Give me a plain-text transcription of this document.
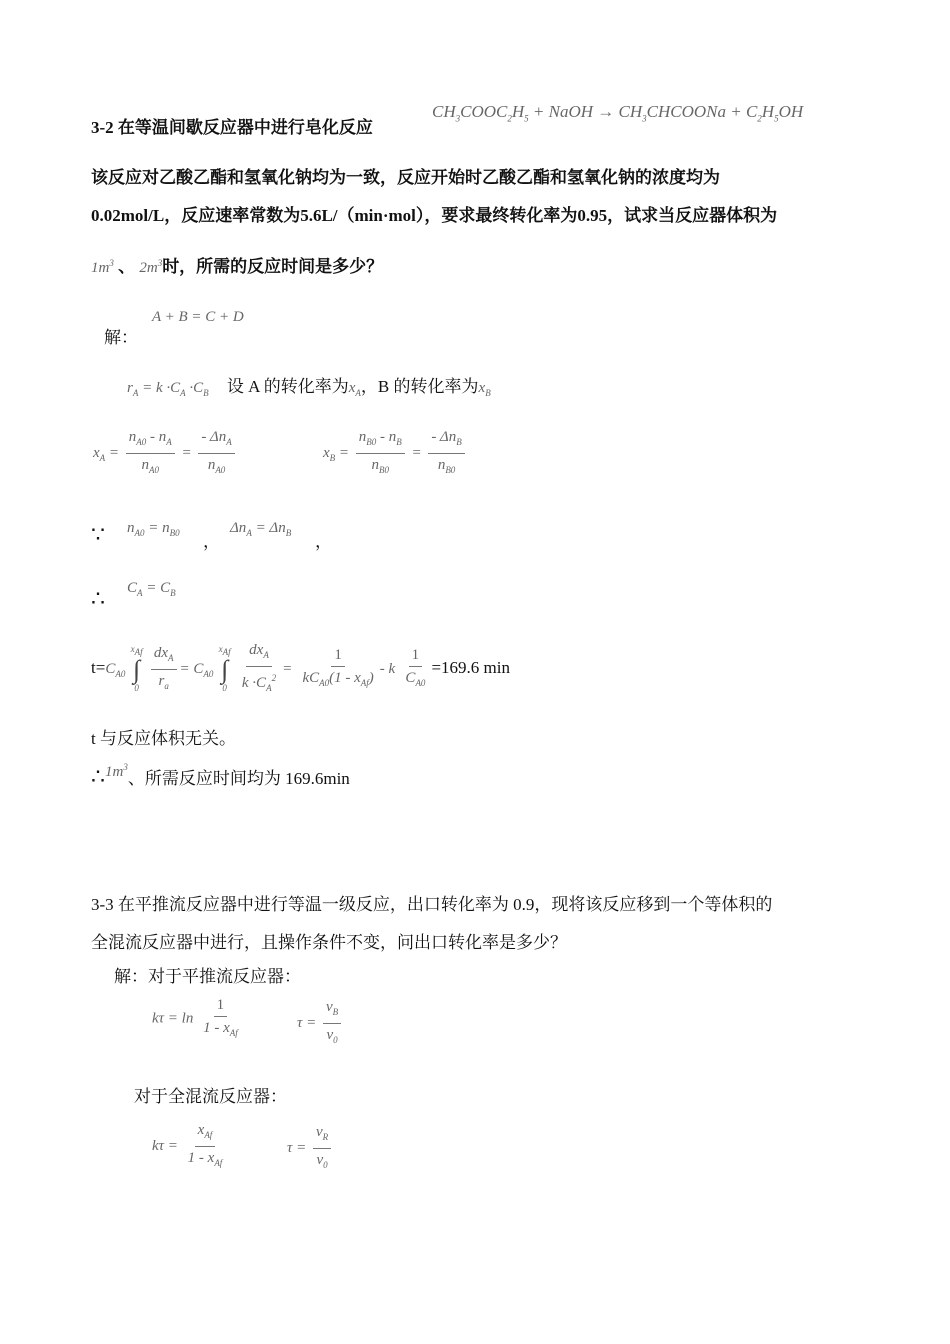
3-2 在等温间歇反应器中进行皂化反应
$CH_3COOC_2H_5$ + NaOH → $CH_3CHCOONa + C_2H_5OH$
该反应对乙酸乙酯和氢氧化钠均为一致，反应开始时乙酸乙酯和氢氧化钠的浓度均为
0.02mol/L，反应速率常数为5.6L/（min·mol），要求最终转化率为0.95，试求当反应器体积为
$1m^3$ 、 $2m^3$时，所需的反应时间是多少？
解：
A + B = C + D
$r_A = k \cdot C_A \cdot C_B$ 设 A 的转化率为$x_A$，B 的转化率为$x_B$
$x_A = \frac{n_{A0} - n_A}{n_{A0}} = \frac{- \Delta n_A}{n_{A0}}$	$x_B = \frac{n_{B0} - n_B}{n_{B0}} = \frac{- \Delta n_B}{n_{B0}}$
∵ $n_{A0} = n_{B0}$ ，
$\Delta n_A = \Delta n_B$ ，
∴ $C_A = C_B$
$t=C_{A0}$
$x_{Af}$
∫
0
$\frac{dx_A}{r_a} = C_{A0}$
$x_{Af}$
∫
0
$\frac{dx_A}{k \cdot C_A^2} = \frac{1}{kC_{A0}(1 - x_{Af})} - k \frac{1}{C_{A0}} =169.6$ min
t 与反应体积无关。
$\therefore 1m^3$、所需反应时间均为 169.6min
3-3 在平推流反应器中进行等温一级反应，出口转化率为 0.9，现将该反应移到一个等体积的
全混流反应器中进行，且操作条件不变，问出口转化率是多少？
解：对于平推流反应器：
$k\tau = \ln \frac{1}{1 - x_{Af}}$	$\tau = \frac{v_B}{v_0}$
对于全混流反应器：
$k\tau = \frac{x_{Af}}{1 - x_{Af}}$	$\tau = \frac{v_R}{v_0}$
